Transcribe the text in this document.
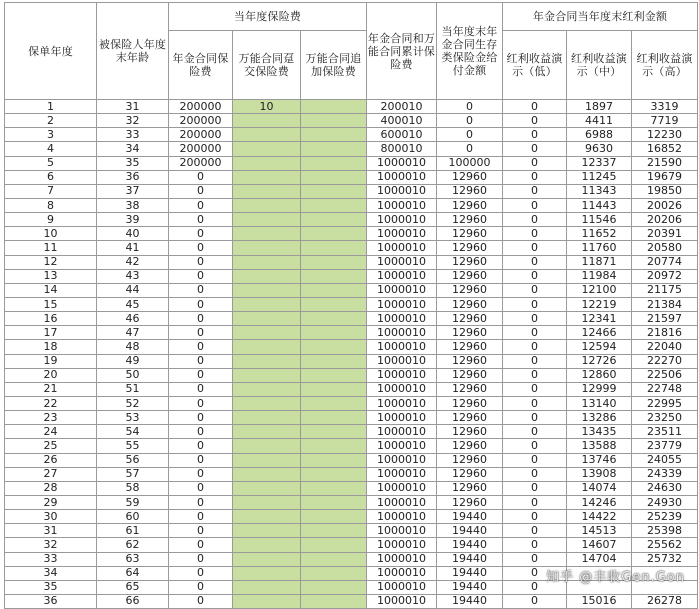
保单年度	被保险人年度末年龄	当年度保险费			年金合同和万能合同累计保险费	当年度末年金合同生存类保险金给付金额	年金合同当年度末红利金额		
		年金合同保险费	万能合同趸交保险费	万能合同追加保险费			红利收益演示（低）	红利收益演示（中）	红利收益演示（高）
1	31	200000	10		200010	0	0	1897	3319
2	32	200000			400010	0	0	4411	7719
3	33	200000			600010	0	0	6988	12230
4	34	200000			800010	0	0	9630	16852
5	35	200000			1000010	100000	0	12337	21590
6	36	0			1000010	12960	0	11245	19679
7	37	0			1000010	12960	0	11343	19850
8	38	0			1000010	12960	0	11443	20026
9	39	0			1000010	12960	0	11546	20206
10	40	0			1000010	12960	0	11652	20391
11	41	0			1000010	12960	0	11760	20580
12	42	0			1000010	12960	0	11871	20774
13	43	0			1000010	12960	0	11984	20972
14	44	0			1000010	12960	0	12100	21175
15	45	0			1000010	12960	0	12219	21384
16	46	0			1000010	12960	0	12341	21597
17	47	0			1000010	12960	0	12466	21816
18	48	0			1000010	12960	0	12594	22040
19	49	0			1000010	12960	0	12726	22270
20	50	0			1000010	12960	0	12860	22506
21	51	0			1000010	12960	0	12999	22748
22	52	0			1000010	12960	0	13140	22995
23	53	0			1000010	12960	0	13286	23250
24	54	0			1000010	12960	0	13435	23511
25	55	0			1000010	12960	0	13588	23779
26	56	0			1000010	12960	0	13746	24055
27	57	0			1000010	12960	0	13908	24339
28	58	0			1000010	12960	0	14074	24630
29	59	0			1000010	12960	0	14246	24930
30	60	0			1000010	19440	0	14422	25239
31	61	0			1000010	19440	0	14513	25398
32	62	0			1000010	19440	0	14607	25562
33	63	0			1000010	19440	0	14704	25732
34	64	0			1000010	19440	0		
35	65	0			1000010	19440	0		
36	66	0			1000010	19440	0	15016	26278
知乎 @丰收Gen.Gon
